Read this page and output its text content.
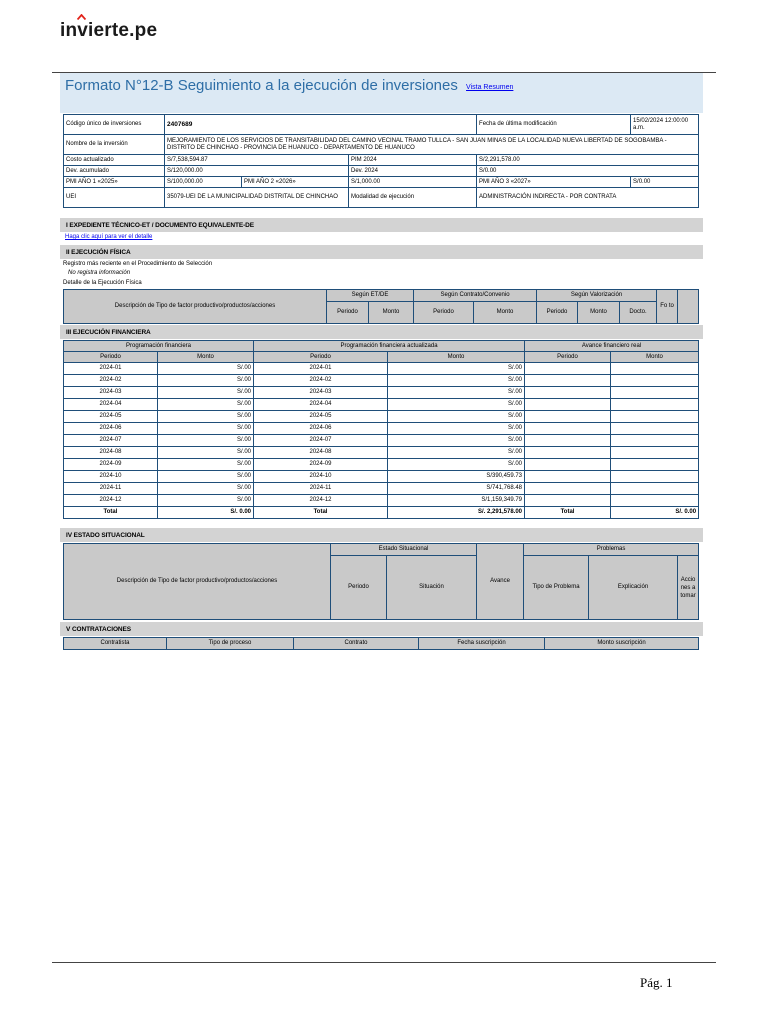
invierte.pe
Formato N°12-B Seguimiento a la ejecución de inversiones Vista Resumen
Código único de inversiones	2407689			Fecha de última modificación	15/02/2024 12:00:00 a.m.
Nombre de la inversión	MEJORAMIENTO DE LOS SERVICIOS DE TRANSITABILIDAD DEL CAMINO VECINAL TRAMO TULLCA - SAN JUAN MINAS DE LA LOCALIDAD NUEVA LIBERTAD DE SOGOBAMBA - DISTRITO DE CHINCHAO - PROVINCIA DE HUANUCO - DEPARTAMENTO DE HUANUCO				
Costo actualizado	S/7,538,594.87		PIM 2024	S/2,291,578.00	
Dev. acumulado	S/120,000.00		Dev. 2024	S/0.00	
PMI AÑO 1 «2025»	S/100,000.00	PMI AÑO 2 «2026»	S/1,000.00	PMI AÑO 3 «2027»	S/0.00
UEI	35079-UEI DE LA MUNICIPALIDAD DISTRITAL DE CHINCHAO		Modalidad de ejecución	ADMINISTRACIÓN INDIRECTA - POR CONTRATA	
I EXPEDIENTE TÉCNICO-ET / DOCUMENTO EQUIVALENTE-DE
Haga clic aquí para ver el detalle
II EJECUCIÓN FÍSICA
Registro más reciente en el Procedimiento de Selección
No registra información
Detalle de la Ejecución Física
Descripción de Tipo de factor productivo/productos/acciones	Según ET/DE		Según Contrato/Convenio		Según Valorización			Fo to	
	Periodo	Monto	Periodo	Monto	Periodo	Monto	Docto.		
III EJECUCIÓN FINANCIERA
Programación financiera		Programación financiera actualizada		Avance financiero real	
Periodo	Monto	Periodo	Monto	Periodo	Monto
2024-01	S/.00	2024-01	S/.00		
2024-02	S/.00	2024-02	S/.00		
2024-03	S/.00	2024-03	S/.00		
2024-04	S/.00	2024-04	S/.00		
2024-05	S/.00	2024-05	S/.00		
2024-06	S/.00	2024-06	S/.00		
2024-07	S/.00	2024-07	S/.00		
2024-08	S/.00	2024-08	S/.00		
2024-09	S/.00	2024-09	S/.00		
2024-10	S/.00	2024-10	S/390,459.73		
2024-11	S/.00	2024-11	S/741,768.48		
2024-12	S/.00	2024-12	S/1,159,349.79		
Total	S/. 0.00	Total	S/. 2,291,578.00	Total	S/. 0.00
IV ESTADO SITUACIONAL
Descripción de Tipo de factor productivo/productos/acciones	Estado Situacional		Avance	Problemas		
	Periodo	Situación		Tipo de Problema	Explicación	Acciones a tomar
V CONTRATACIONES
Contratista	Tipo de proceso	Contrato	Fecha suscripción	Monto suscripción
Pág. 1
